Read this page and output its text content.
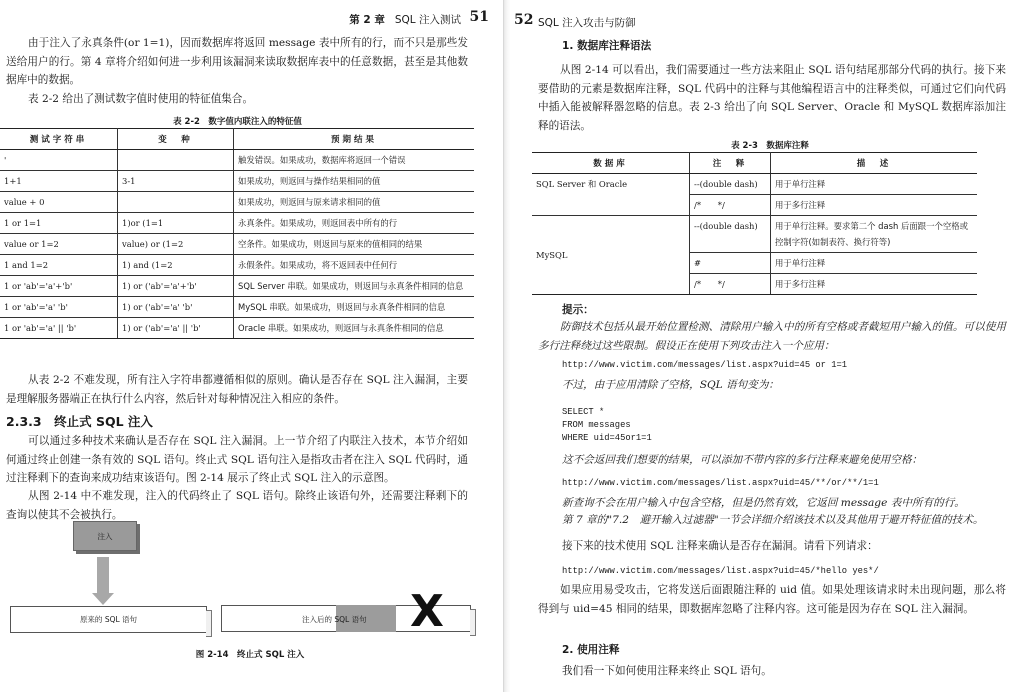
第 2 章 SQL 注入测试 51

由于注入了永真条件(or 1=1)，因而数据库将返回 message 表中所有的行，而不只是那些发送给用户的行。第 4 章将介绍如何进一步利用该漏洞来读取数据库表中的任意数据，甚至是其他数据库中的数据。

表 2-2 给出了测试数字值时使用的特征值集合。

表 2-2　数字值内联注入的特征值
测试字符串	变　种	预期结果
'		触发错误。如果成功，数据库将返回一个错误
1+1	3-1	如果成功，则返回与操作结果相同的值
value + 0		如果成功，则返回与原来请求相同的值
1 or 1=1	1)or (1=1	永真条件。如果成功，则返回表中所有的行
value or 1=2	value) or (1=2	空条件。如果成功，则返回与原来的值相同的结果
1 and 1=2	1) and (1=2	永假条件。如果成功，将不返回表中任何行
1 or 'ab'='a'+'b'	1) or ('ab'='a'+'b'	SQL Server 串联。如果成功，则返回与永真条件相同的信息
1 or 'ab'='a' 'b'	1) or ('ab'='a' 'b'	MySQL 串联。如果成功，则返回与永真条件相同的信息
1 or 'ab'='a' || 'b'	1) or ('ab'='a' || 'b'	Oracle 串联。如果成功，则返回与永真条件相同的信息

从表 2-2 不难发现，所有注入字符串都遵循相似的原则。确认是否存在 SQL 注入漏洞，主要是理解服务器端正在执行什么内容，然后针对每种情况注入相应的条件。

2.3.3　终止式 SQL 注入

可以通过多种技术来确认是否存在 SQL 注入漏洞。上一节介绍了内联注入技术，本节介绍如何通过终止创建一条有效的 SQL 语句。终止式 SQL 语句注入是指攻击者在注入 SQL 代码时，通过注释剩下的查询来成功结束该语句。图 2-14 展示了终止式 SQL 注入的示意图。

从图 2-14 中不难发现，注入的代码终止了 SQL 语句。除终止该语句外，还需要注释剩下的查询以使其不会被执行。

注入
原来的 SQL 语句	注入后的 SQL 语句 X
图 2-14　终止式 SQL 注入
52 SQL 注入攻击与防御
1. 数据库注释语法

从图 2-14 可以看出，我们需要通过一些方法来阻止 SQL 语句结尾那部分代码的执行。接下来要借助的元素是数据库注释，SQL 代码中的注释与其他编程语言中的注释类似，可通过它们向代码中插入能被解释器忽略的信息。表 2-3 给出了向 SQL Server、Oracle 和 MySQL 数据库添加注释的语法。

表 2-3　数据库注释
数据库	注　释	描　述
SQL Server 和 Oracle	--(double dash)	用于单行注释
	/*　　*/	用于多行注释
MySQL	--(double dash)	用于单行注释。要求第二个 dash 后面跟一个空格或控制字符(如制表符、换行符等)
	#	用于单行注释
	/*　　*/	用于多行注释
提示：

防御技术包括从最开始位置检测、清除用户输入中的所有空格或者截短用户输入的值。可以使用多行注释绕过这些限制。假设正在使用下列攻击注入一个应用：

http://www.victim.com/messages/list.aspx?uid=45 or 1=1
不过，由于应用清除了空格，SQL 语句变为：
SELECT *
FROM messages
WHERE uid=45or1=1
这不会返回我们想要的结果，可以添加不带内容的多行注释来避免使用空格：
http://www.victim.com/messages/list.aspx?uid=45/**/or/**/1=1
新查询不会在用户输入中包含空格，但是仍然有效，它返回 message 表中所有的行。
第 7 章的"7.2　避开输入过滤器"一节会详细介绍该技术以及其他用于避开特征值的技术。
接下来的技术使用 SQL 注释来确认是否存在漏洞。请看下列请求：
http://www.victim.com/messages/list.aspx?uid=45/*hello yes*/

如果应用易受攻击，它将发送后面跟随注释的 uid 值。如果处理该请求时未出现问题，那么将得到与 uid=45 相同的结果，即数据库忽略了注释内容。这可能是因为存在 SQL 注入漏洞。

2. 使用注释
我们看一下如何使用注释来终止 SQL 语句。
